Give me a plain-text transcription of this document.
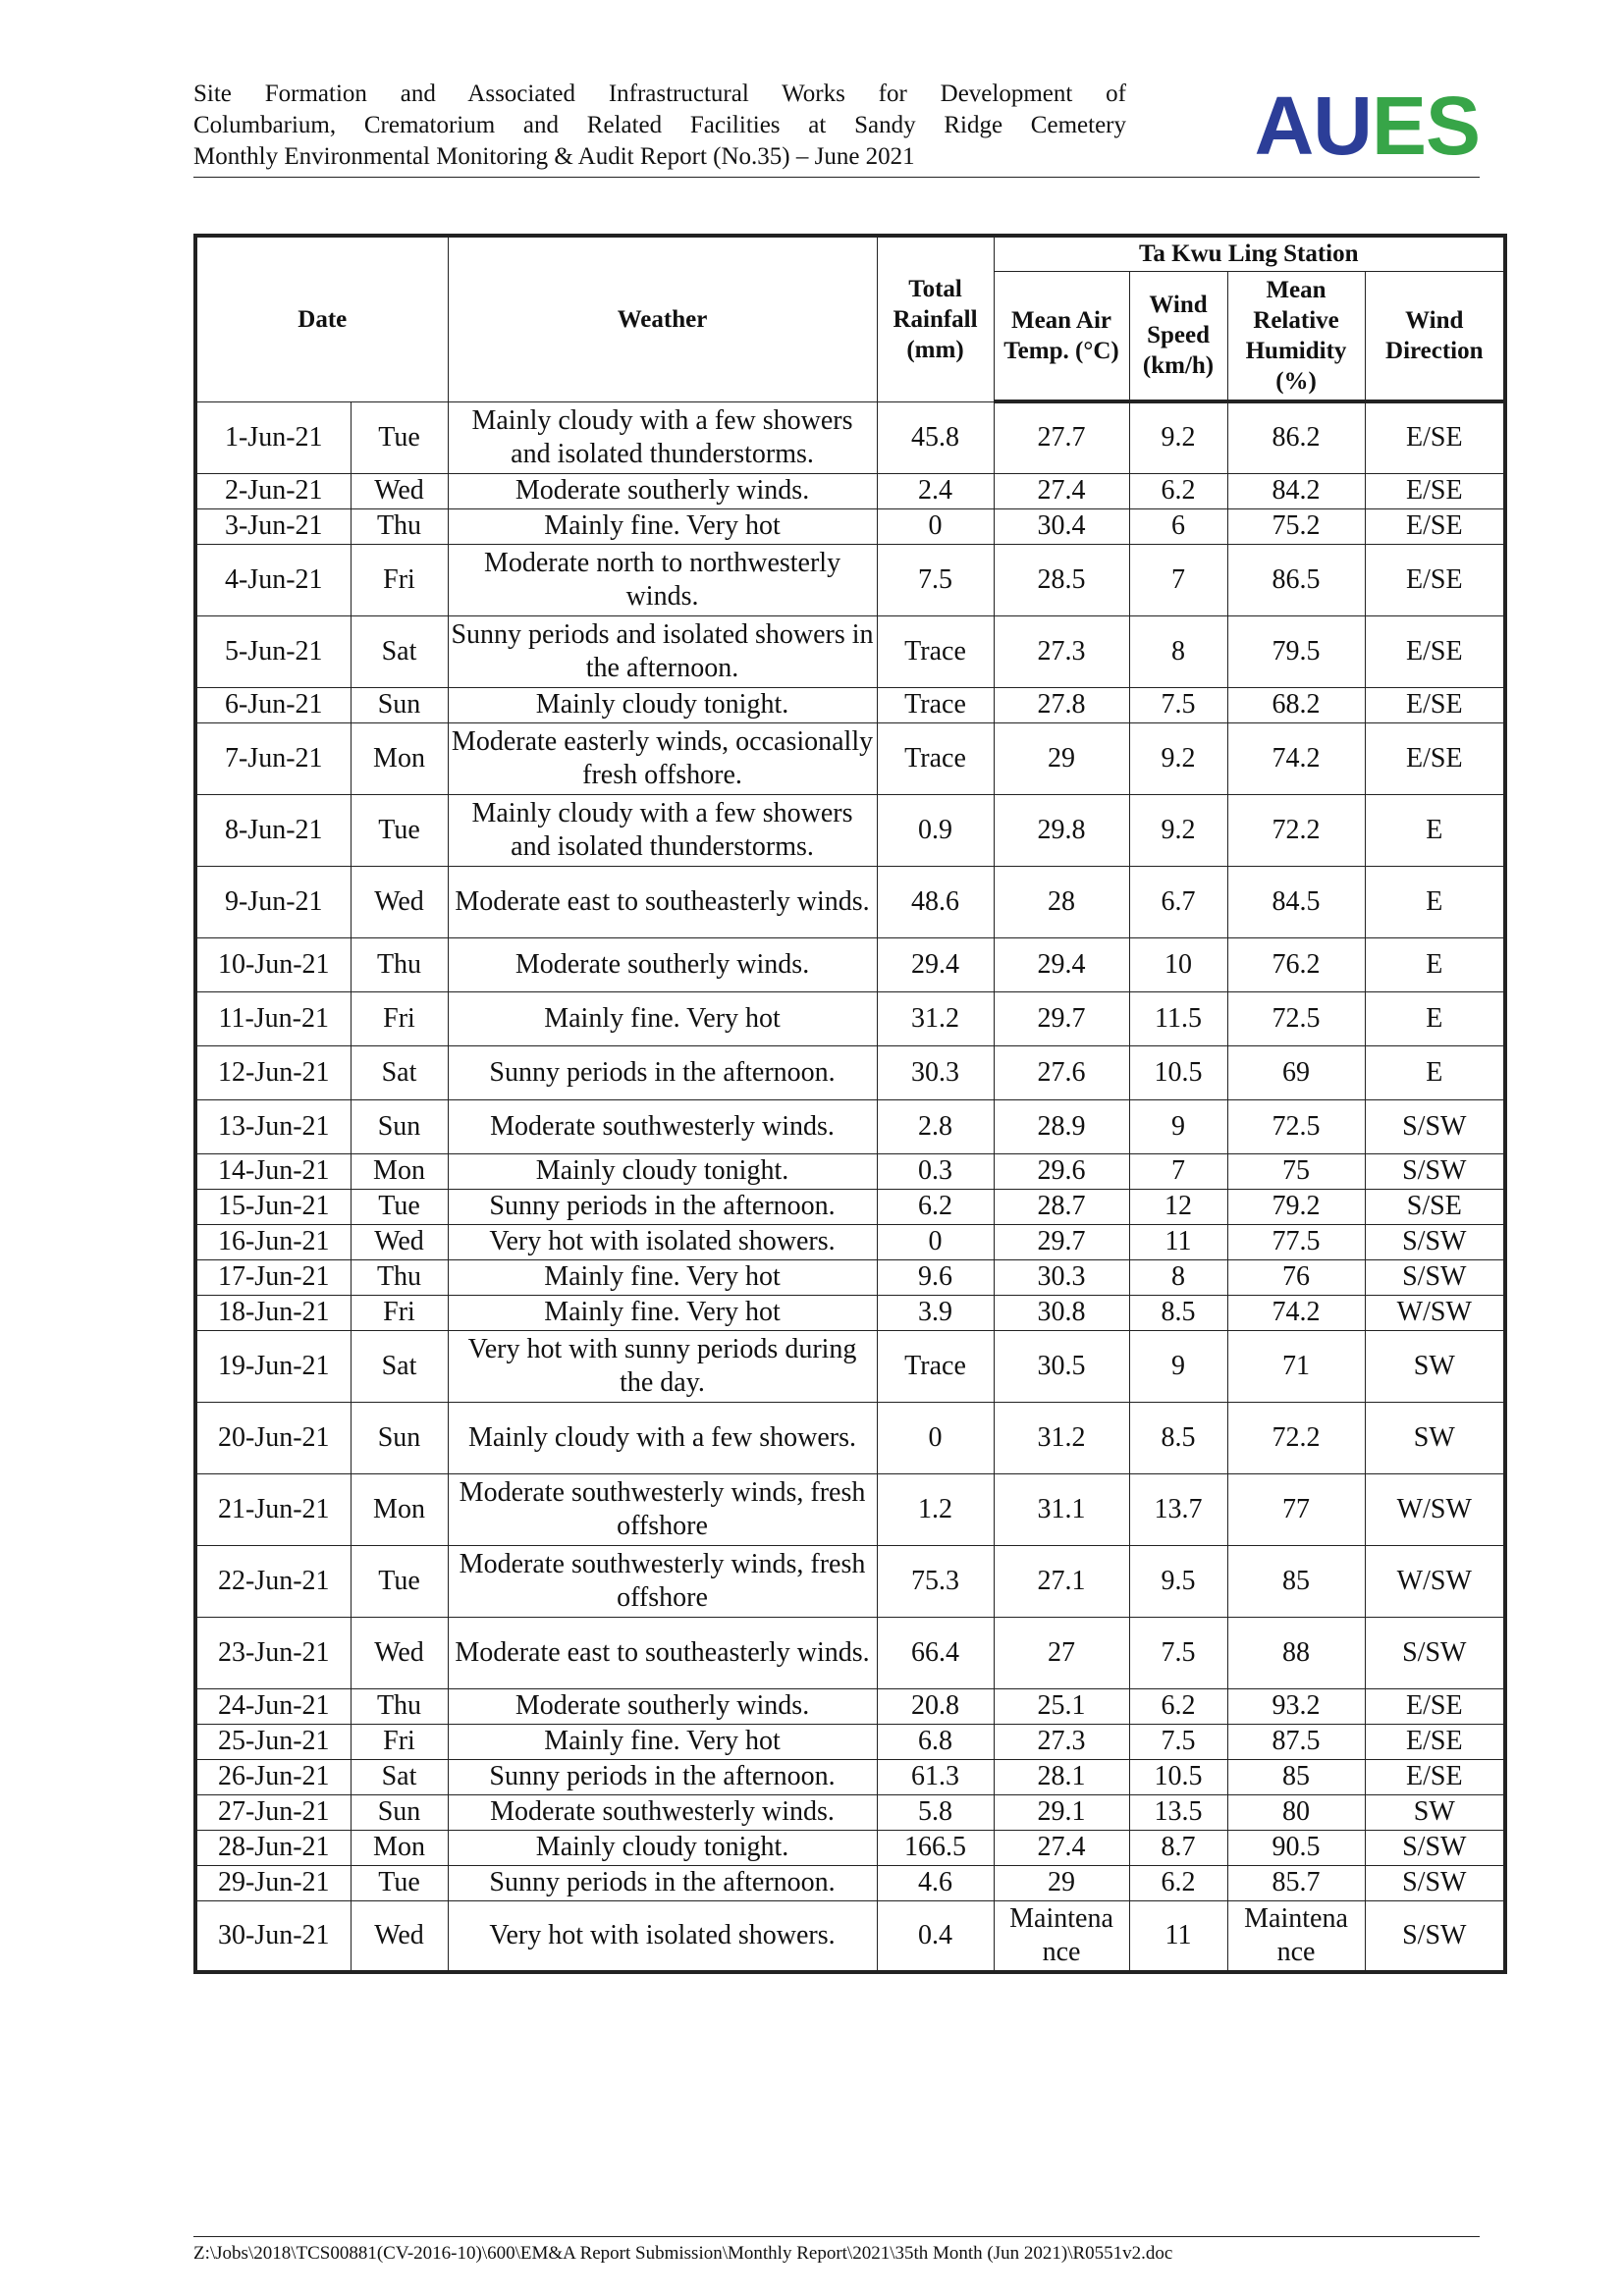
Site Formation and Associated Infrastructural Works for Development of
Columbarium, Crematorium and Related Facilities at Sandy Ridge Cemetery
Monthly Environmental Monitoring & Audit Report (No.35) – June 2021	AUES
Date		Weather	Total Rainfall (mm)	Ta Kwu Ling Station			
				Mean Air Temp. (°C)	Wind Speed (km/h)	Mean Relative Humidity (%)	Wind Direction
1-Jun-21	Tue	Mainly cloudy with a few showers and isolated thunderstorms.	45.8	27.7	9.2	86.2	E/SE
2-Jun-21	Wed	Moderate southerly winds.	2.4	27.4	6.2	84.2	E/SE
3-Jun-21	Thu	Mainly fine. Very hot	0	30.4	6	75.2	E/SE
4-Jun-21	Fri	Moderate north to northwesterly winds.	7.5	28.5	7	86.5	E/SE
5-Jun-21	Sat	Sunny periods and isolated showers in the afternoon.	Trace	27.3	8	79.5	E/SE
6-Jun-21	Sun	Mainly cloudy tonight.	Trace	27.8	7.5	68.2	E/SE
7-Jun-21	Mon	Moderate easterly winds, occasionally fresh offshore.	Trace	29	9.2	74.2	E/SE
8-Jun-21	Tue	Mainly cloudy with a few showers and isolated thunderstorms.	0.9	29.8	9.2	72.2	E
9-Jun-21	Wed	Moderate east to southeasterly winds.	48.6	28	6.7	84.5	E
10-Jun-21	Thu	Moderate southerly winds.	29.4	29.4	10	76.2	E
11-Jun-21	Fri	Mainly fine. Very hot	31.2	29.7	11.5	72.5	E
12-Jun-21	Sat	Sunny periods in the afternoon.	30.3	27.6	10.5	69	E
13-Jun-21	Sun	Moderate southwesterly winds.	2.8	28.9	9	72.5	S/SW
14-Jun-21	Mon	Mainly cloudy tonight.	0.3	29.6	7	75	S/SW
15-Jun-21	Tue	Sunny periods in the afternoon.	6.2	28.7	12	79.2	S/SE
16-Jun-21	Wed	Very hot with isolated showers.	0	29.7	11	77.5	S/SW
17-Jun-21	Thu	Mainly fine. Very hot	9.6	30.3	8	76	S/SW
18-Jun-21	Fri	Mainly fine. Very hot	3.9	30.8	8.5	74.2	W/SW
19-Jun-21	Sat	Very hot with sunny periods during the day.	Trace	30.5	9	71	SW
20-Jun-21	Sun	Mainly cloudy with a few showers.	0	31.2	8.5	72.2	SW
21-Jun-21	Mon	Moderate southwesterly winds, fresh offshore	1.2	31.1	13.7	77	W/SW
22-Jun-21	Tue	Moderate southwesterly winds, fresh offshore	75.3	27.1	9.5	85	W/SW
23-Jun-21	Wed	Moderate east to southeasterly winds.	66.4	27	7.5	88	S/SW
24-Jun-21	Thu	Moderate southerly winds.	20.8	25.1	6.2	93.2	E/SE
25-Jun-21	Fri	Mainly fine. Very hot	6.8	27.3	7.5	87.5	E/SE
26-Jun-21	Sat	Sunny periods in the afternoon.	61.3	28.1	10.5	85	E/SE
27-Jun-21	Sun	Moderate southwesterly winds.	5.8	29.1	13.5	80	SW
28-Jun-21	Mon	Mainly cloudy tonight.	166.5	27.4	8.7	90.5	S/SW
29-Jun-21	Tue	Sunny periods in the afternoon.	4.6	29	6.2	85.7	S/SW
30-Jun-21	Wed	Very hot with isolated showers.	0.4	Maintena nce	11	Maintena nce	S/SW
Z:\Jobs\2018\TCS00881(CV-2016-10)\600\EM&A Report Submission\Monthly Report\2021\35th Month (Jun 2021)\R0551v2.doc
